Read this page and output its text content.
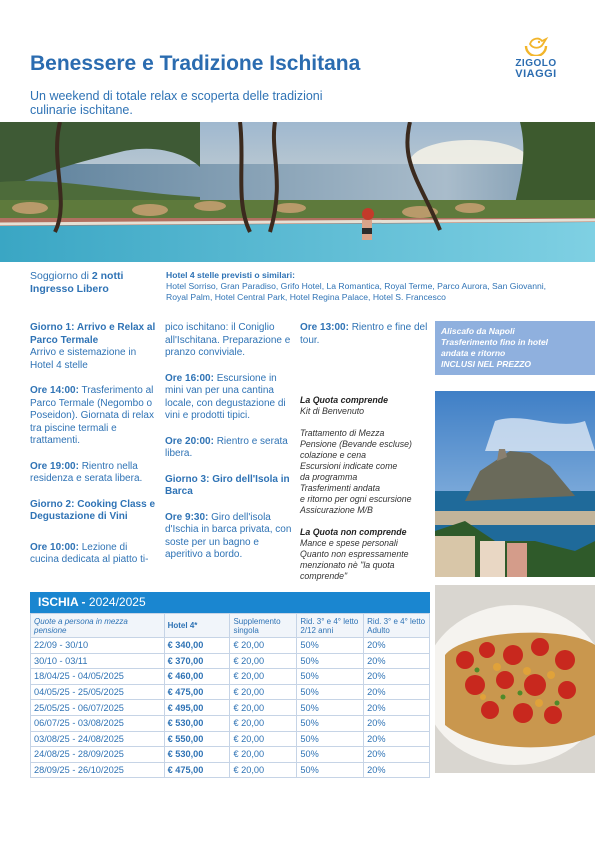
Benessere e Tradizione Ischitana
Un weekend di totale relax e scoperta delle tradizioni culinarie ischitane.
ZIGOLO
VIAGGI
Soggiorno di 2 notti
Ingresso Libero
Hotel 4 stelle previsti o similari:
Hotel Sorriso, Gran Paradiso, Grifo Hotel, La Romantica, Royal Terme, Parco Aurora, San Giovanni, Royal Palm, Hotel Central Park, Hotel Regina Palace, Hotel S. Francesco

Giorno 1: Arrivo e Relax al Parco Termale
Arrivo e sistemazione in Hotel 4 stelle

Ore 14:00: Trasferimento al Parco Termale (Negombo o Poseidon). Giornata di relax tra piscine termali e trattamenti.

Ore 19:00: Rientro nella residenza e serata libera.

Giorno 2: Cooking Class e Degustazione di Vini

Ore 10:00: Lezione di cucina dedicata al piatto ti-

pico ischitano: il Coniglio all'Ischitana. Preparazione e pranzo conviviale.

Ore 16:00: Escursione in mini van per una cantina locale, con degustazione di vini e prodotti tipici.

Ore 20:00: Rientro e serata libera.

Giorno 3: Giro dell'Isola in Barca

Ore 9:30: Giro dell'isola d'Ischia in barca privata, con soste per un bagno e aperitivo a bordo.

Ore 13:00: Rientro e fine del tour.

La Quota comprende
Kit di Benvenuto
Trattamento di Mezza
Pensione (Bevande escluse)
colazione e cena
Escursioni indicate come
da programma
Trasferimenti andata
e ritorno per ogni escursione
Assicurazione M/B
La Quota non comprende
Mance e spese personali
Quanto non espressamente
menzionato nè "la quota
comprende"
Aliscafo da Napoli
Trasferimento fino in hotel
andata e ritorno
INCLUSI NEL PREZZO
ISCHIA - 2024/2025
Quote a persona in mezza pensione	Hotel 4*	Supplemento singola	Rid. 3° e 4° letto 2/12 anni	Rid. 3° e 4° letto Adulto
22/09 - 30/10	€ 340,00	€ 20,00	50%	20%
30/10 - 03/11	€ 370,00	€ 20,00	50%	20%
18/04/25 - 04/05/2025	€ 460,00	€ 20,00	50%	20%
04/05/25 - 25/05/2025	€ 475,00	€ 20,00	50%	20%
25/05/25 - 06/07/2025	€ 495,00	€ 20,00	50%	20%
06/07/25 - 03/08/2025	€ 530,00	€ 20,00	50%	20%
03/08/25 - 24/08/2025	€ 550,00	€ 20,00	50%	20%
24/08/25 - 28/09/2025	€ 530,00	€ 20,00	50%	20%
28/09/25 - 26/10/2025	€ 475,00	€ 20,00	50%	20%
